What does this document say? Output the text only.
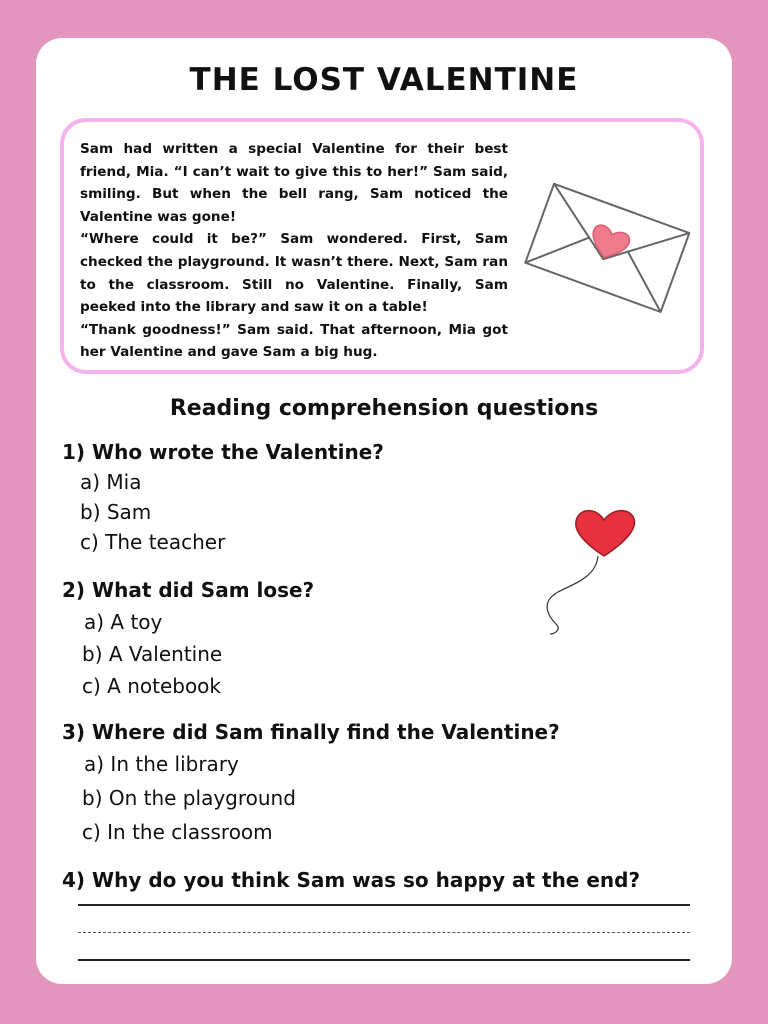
THE LOST VALENTINE

Sam had written a special Valentine for their best friend, Mia. “I can’t wait to give this to her!” Sam said, smiling. But when the bell rang, Sam noticed the Valentine was gone!

“Where could it be?” Sam wondered. First, Sam checked the playground. It wasn’t there. Next, Sam ran to the classroom. Still no Valentine. Finally, Sam peeked into the library and saw it on a table!

“Thank goodness!” Sam said. That afternoon, Mia got her Valentine and gave Sam a big hug.

Reading comprehension questions
1) Who wrote the Valentine?
a) Mia
b) Sam
c) The teacher
2) What did Sam lose?
a) A toy
b) A Valentine
c) A notebook
3) Where did Sam finally find the Valentine?
a) In the library
b) On the playground
c) In the classroom
4) Why do you think Sam was so happy at the end?
